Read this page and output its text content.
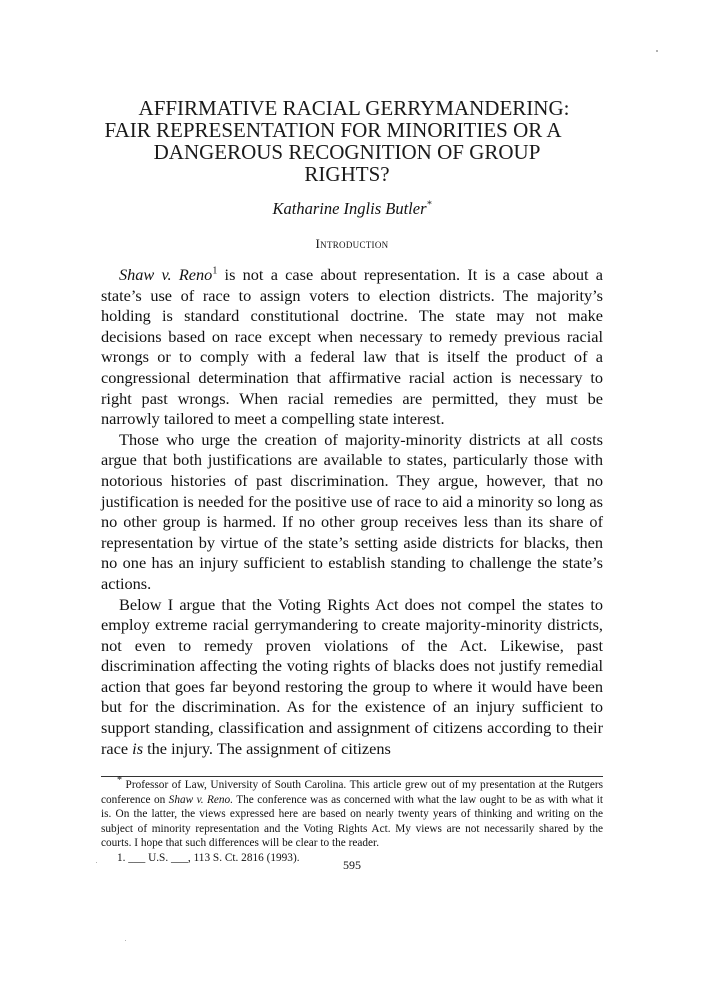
AFFIRMATIVE RACIAL GERRYMANDERING:
FAIR REPRESENTATION FOR MINORITIES OR A
DANGEROUS RECOGNITION OF GROUP
RIGHTS?
Katharine Inglis Butler*
Introduction

Shaw v. Reno$^1$ is not a case about representation. It is a case about a state’s use of race to assign voters to election districts. The majority’s holding is standard constitutional doctrine. The state may not make decisions based on race except when necessary to remedy previous racial wrongs or to comply with a federal law that is itself the product of a congressional determination that affirmative racial action is necessary to right past wrongs. When racial remedies are permitted, they must be narrowly tailored to meet a compelling state interest.

Those who urge the creation of majority-minority districts at all costs argue that both justifications are available to states, particularly those with notorious histories of past discrimination. They argue, however, that no justification is needed for the positive use of race to aid a minority so long as no other group is harmed. If no other group receives less than its share of representation by virtue of the state’s setting aside districts for blacks, then no one has an injury sufficient to establish standing to challenge the state’s actions.

Below I argue that the Voting Rights Act does not compel the states to employ extreme racial gerrymandering to create majority-minority districts, not even to remedy proven violations of the Act. Likewise, past discrimination affecting the voting rights of blacks does not justify remedial action that goes far beyond restoring the group to where it would have been but for the discrimination. As for the existence of an injury sufficient to support standing, classification and assignment of citizens according to their race is the injury. The assignment of citizens

* Professor of Law, University of South Carolina. This article grew out of my presentation at the Rutgers conference on Shaw v. Reno. The conference was as concerned with what the law ought to be as with what it is. On the latter, the views expressed here are based on nearly twenty years of thinking and writing on the subject of minority representation and the Voting Rights Act. My views are not necessarily shared by the courts. I hope that such differences will be clear to the reader.

1. ___ U.S. ___, 113 S. Ct. 2816 (1993).

595
